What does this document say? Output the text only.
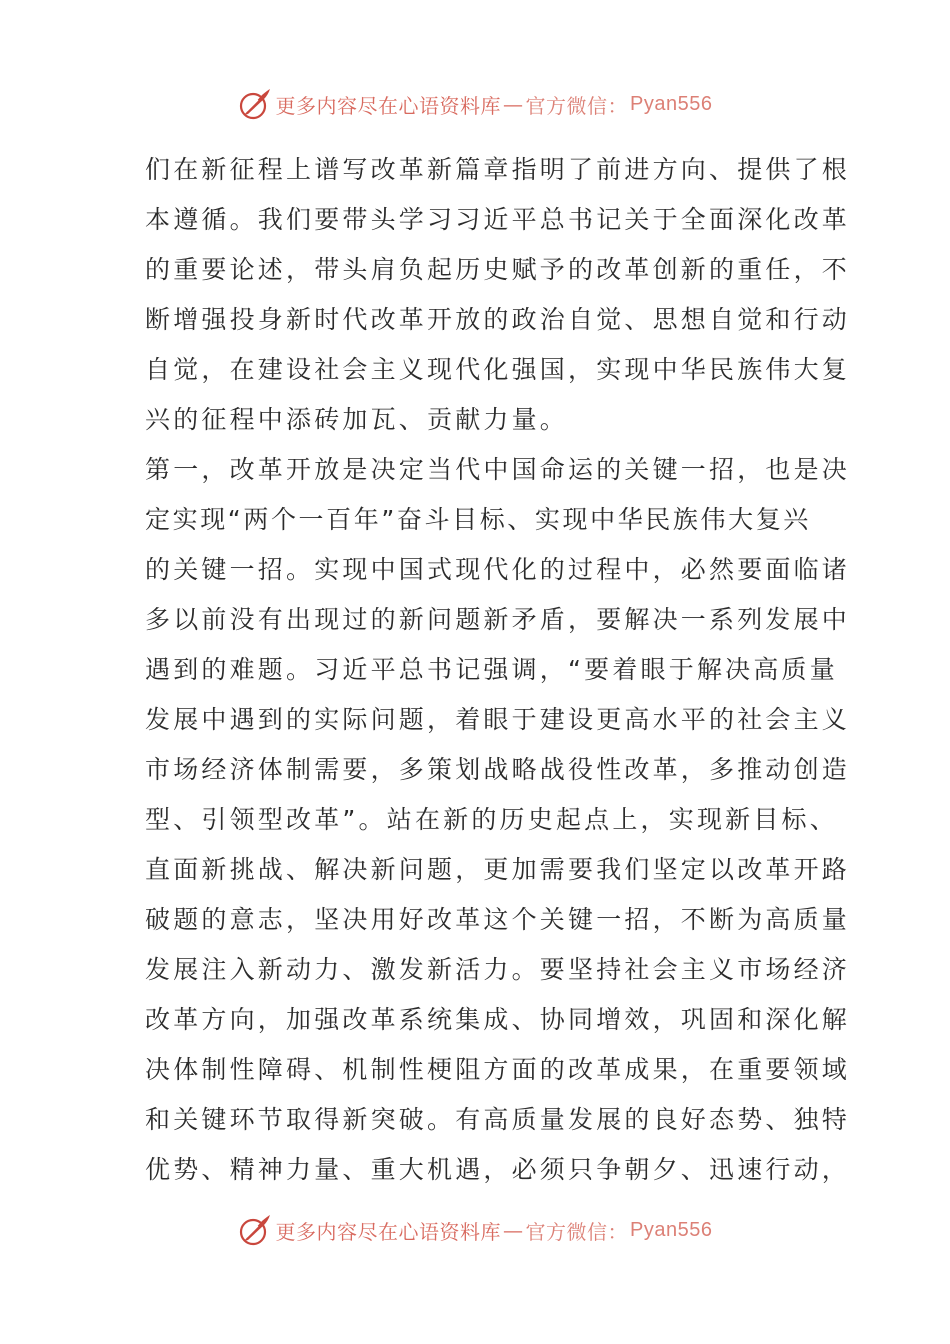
更多内容尽在心语资料库 — 官方微信： Pyan556
们在新征程上谱写改革新篇章指明了前进方向、提供了根
本遵循。我们要带头学习习近平总书记关于全面深化改革
的重要论述，带头肩负起历史赋予的改革创新的重任，不
断增强投身新时代改革开放的政治自觉、思想自觉和行动
自觉，在建设社会主义现代化强国，实现中华民族伟大复
兴的征程中添砖加瓦、贡献力量。
第一，改革开放是决定当代中国命运的关键一招，也是决
定实现“两个一百年”奋斗目标、实现中华民族伟大复兴
的关键一招。实现中国式现代化的过程中，必然要面临诸
多以前没有出现过的新问题新矛盾，要解决一系列发展中
遇到的难题。习近平总书记强调，“要着眼于解决高质量
发展中遇到的实际问题，着眼于建设更高水平的社会主义
市场经济体制需要，多策划战略战役性改革，多推动创造
型、引领型改革”。站在新的历史起点上，实现新目标、
直面新挑战、解决新问题，更加需要我们坚定以改革开路
破题的意志，坚决用好改革这个关键一招，不断为高质量
发展注入新动力、激发新活力。要坚持社会主义市场经济
改革方向，加强改革系统集成、协同增效，巩固和深化解
决体制性障碍、机制性梗阻方面的改革成果，在重要领域
和关键环节取得新突破。有高质量发展的良好态势、独特
优势、精神力量、重大机遇，必须只争朝夕、迅速行动，
更多内容尽在心语资料库 — 官方微信： Pyan556
